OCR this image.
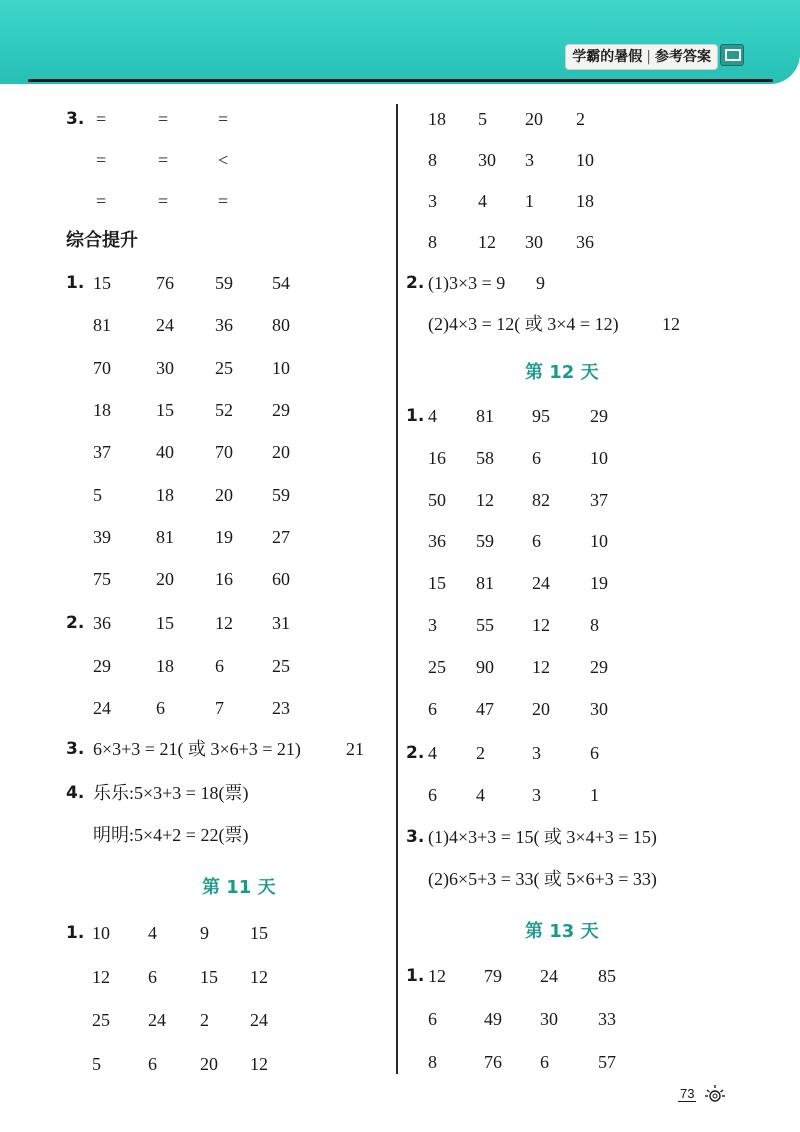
学霸的暑假 | 参考答案
3. =	=	=
=	=	<
=	=	=
综合提升
1. 15	76 59 54
81	24 36 80
70	30 25 10
18	15 52 29
37	40 70 20
5	18 20 59
39	81 19 27
75	20 16 60
2. 36	15 12 31
29	18 6	25
24	6	7	23
3. 6×3+3 = 21( 或 3×6+3 = 21)	21
4. 乐乐:5×3+3 = 18(票)
明明:5×4+2 = 22(票)
第 11 天
1. 10 4 9 15
12 6 15 12
25 24 2 24
5	6 20 12
18 5 20 2
8 30 3 10
3 4 1 18
8 12 30 36
2. (1)3×3 = 9 9
(2)4×3 = 12( 或 3×4 = 12) 12
第 12 天
1. 4 81 95 29
16 58 6	10
50 12 82 37
36 59 6	10
15 81 24 19
3 55 12 8
25 90 12 29
6 47 20 30
2. 4 2	3	6
6 4	3	1
3. (1)4×3+3 = 15( 或 3×4+3 = 15)
(2)6×5+3 = 33( 或 5×6+3 = 33)
第 13 天
1. 12 79 24 85
6	49 30 33
8	76 6	57
73
